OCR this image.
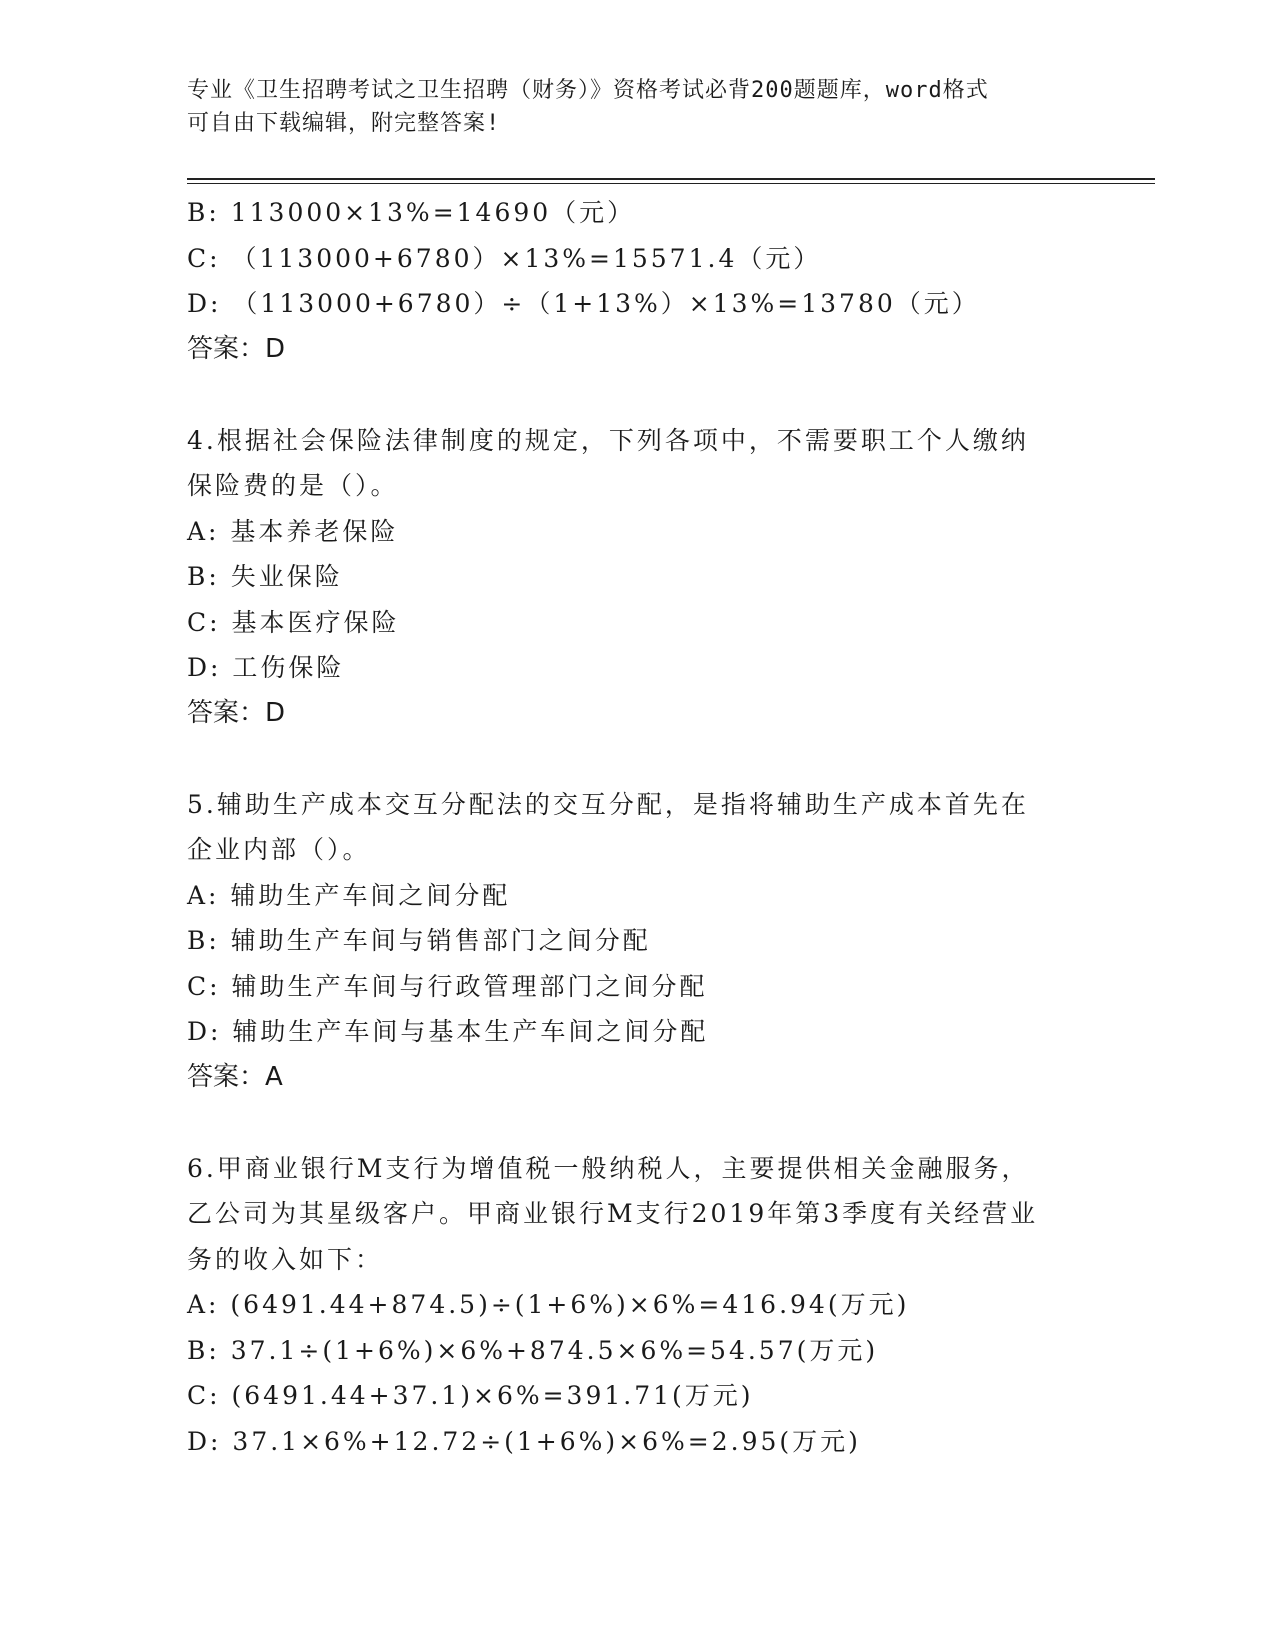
专业《卫生招聘考试之卫生招聘（财务）》资格考试必背200题题库，word格式
可自由下载编辑，附完整答案!
B: 113000×13%=14690（元）
C: （113000+6780）×13%=15571.4（元）
D: （113000+6780）÷（1+13%）×13%=13780（元）
答案：D
4.根据社会保险法律制度的规定，下列各项中，不需要职工个人缴纳
保险费的是（）。
A: 基本养老保险
B: 失业保险
C: 基本医疗保险
D: 工伤保险
答案：D
5.辅助生产成本交互分配法的交互分配，是指将辅助生产成本首先在
企业内部（）。
A: 辅助生产车间之间分配
B: 辅助生产车间与销售部门之间分配
C: 辅助生产车间与行政管理部门之间分配
D: 辅助生产车间与基本生产车间之间分配
答案：A
6.甲商业银行M支行为增值税一般纳税人，主要提供相关金融服务，
乙公司为其星级客户。甲商业银行M支行2019年第3季度有关经营业
务的收入如下：
A: (6491.44+874.5)÷(1+6%)×6%=416.94(万元)
B: 37.1÷(1+6%)×6%+874.5×6%=54.57(万元)
C: (6491.44+37.1)×6%=391.71(万元)
D: 37.1×6%+12.72÷(1+6%)×6%=2.95(万元)
